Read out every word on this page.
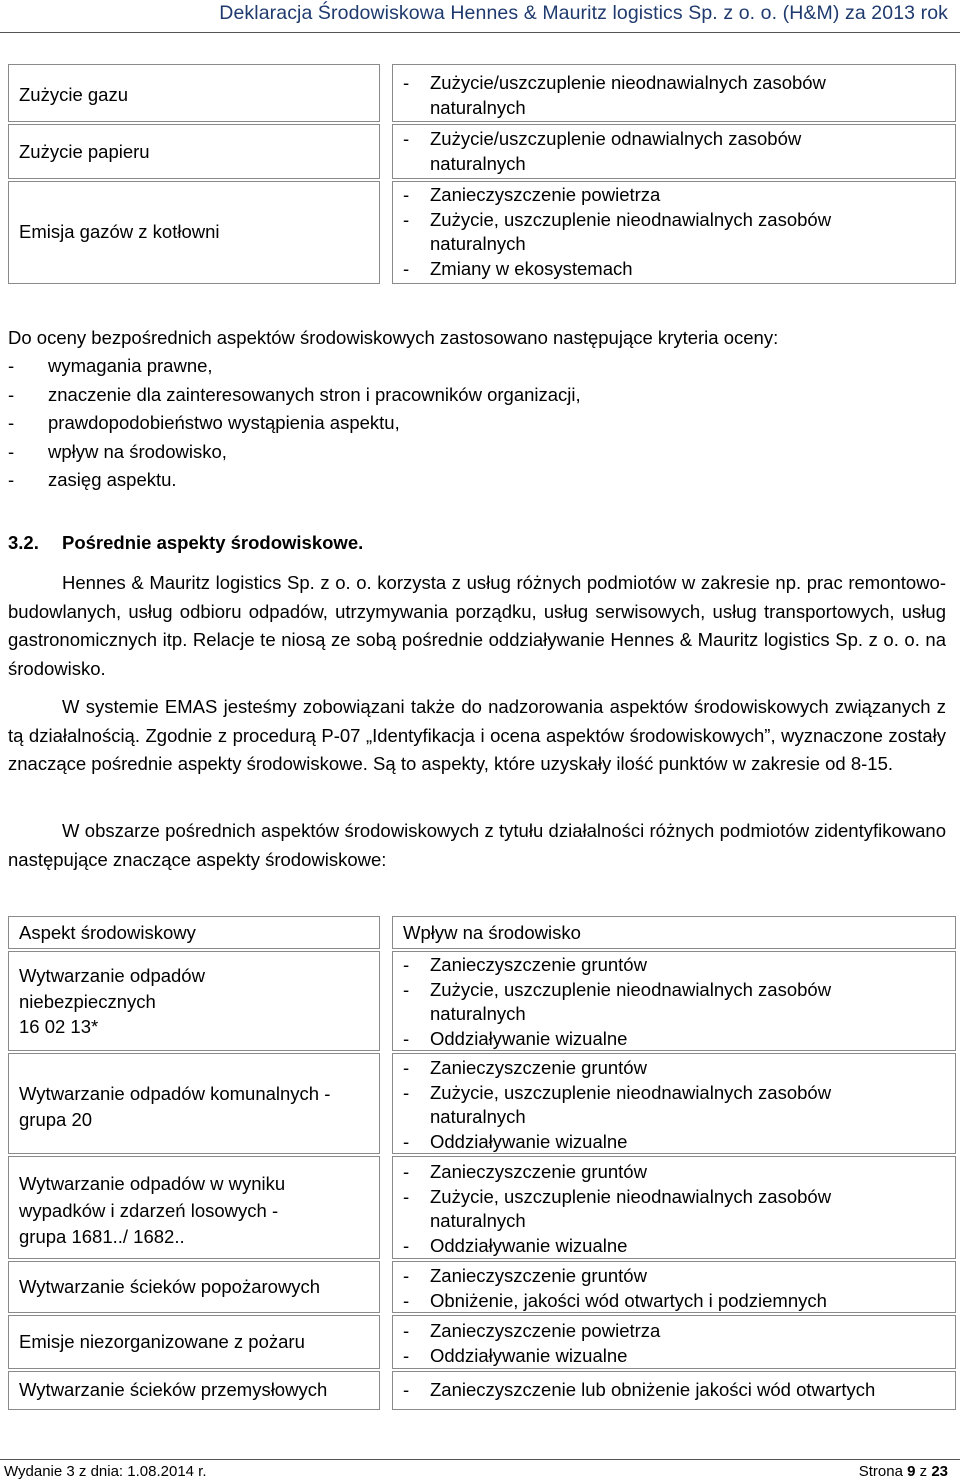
Deklaracja Środowiskowa Hennes & Mauritz logistics Sp. z o. o. (H&M) za 2013 rok
Zużycie gazu
Zużycie papieru
Emisja gazów z kotłowni
- Zużycie/uszczuplenie nieodnawialnych zasobów
naturalnych
- Zużycie/uszczuplenie odnawialnych zasobów
naturalnych
- Zanieczyszczenie powietrza
- Zużycie, uszczuplenie nieodnawialnych zasobów
naturalnych
- Zmiany w ekosystemach
Do oceny bezpośrednich aspektów środowiskowych zastosowano następujące kryteria oceny:
- wymagania prawne,
- znaczenie dla zainteresowanych stron i pracowników organizacji,
- prawdopodobieństwo wystąpienia aspektu,
- wpływ na środowisko,
- zasięg aspektu.
3.2. Pośrednie aspekty środowiskowe.
Hennes & Mauritz logistics Sp. z o. o. korzysta z usług różnych podmiotów w zakresie np. prac remontowo-budowlanych, usług odbioru odpadów, utrzymywania porządku, usług serwisowych, usług transportowych, usług gastronomicznych itp. Relacje te niosą ze sobą pośrednie oddziaływanie Hennes & Mauritz logistics Sp. z o. o. na środowisko.
W systemie EMAS jesteśmy zobowiązani także do nadzorowania aspektów środowiskowych związanych z tą działalnością. Zgodnie z procedurą P-07 „Identyfikacja i ocena aspektów środowiskowych”, wyznaczone zostały znaczące pośrednie aspekty środowiskowe. Są to aspekty, które uzyskały ilość punktów w zakresie od 8-15.
W obszarze pośrednich aspektów środowiskowych z tytułu działalności różnych podmiotów zidentyfikowano następujące znaczące aspekty środowiskowe:
Aspekt środowiskowy
Wytwarzanie odpadów
niebezpiecznych
16 02 13*
Wytwarzanie odpadów komunalnych -
grupa 20
Wytwarzanie odpadów w wyniku
wypadków i zdarzeń losowych -
grupa 1681../ 1682..
Wytwarzanie ścieków popożarowych
Emisje niezorganizowane z pożaru
Wytwarzanie ścieków przemysłowych
Wpływ na środowisko
- Zanieczyszczenie gruntów
- Zużycie, uszczuplenie nieodnawialnych zasobów
naturalnych
- Oddziaływanie wizualne
- Zanieczyszczenie gruntów
- Zużycie, uszczuplenie nieodnawialnych zasobów
naturalnych
- Oddziaływanie wizualne
- Zanieczyszczenie gruntów
- Zużycie, uszczuplenie nieodnawialnych zasobów
naturalnych
- Oddziaływanie wizualne
- Zanieczyszczenie gruntów
- Obniżenie, jakości wód otwartych i podziemnych
- Zanieczyszczenie powietrza
- Oddziaływanie wizualne
- Zanieczyszczenie lub obniżenie jakości wód otwartych
Wydanie 3 z dnia: 1.08.2014 r.	Strona 9 z 23
